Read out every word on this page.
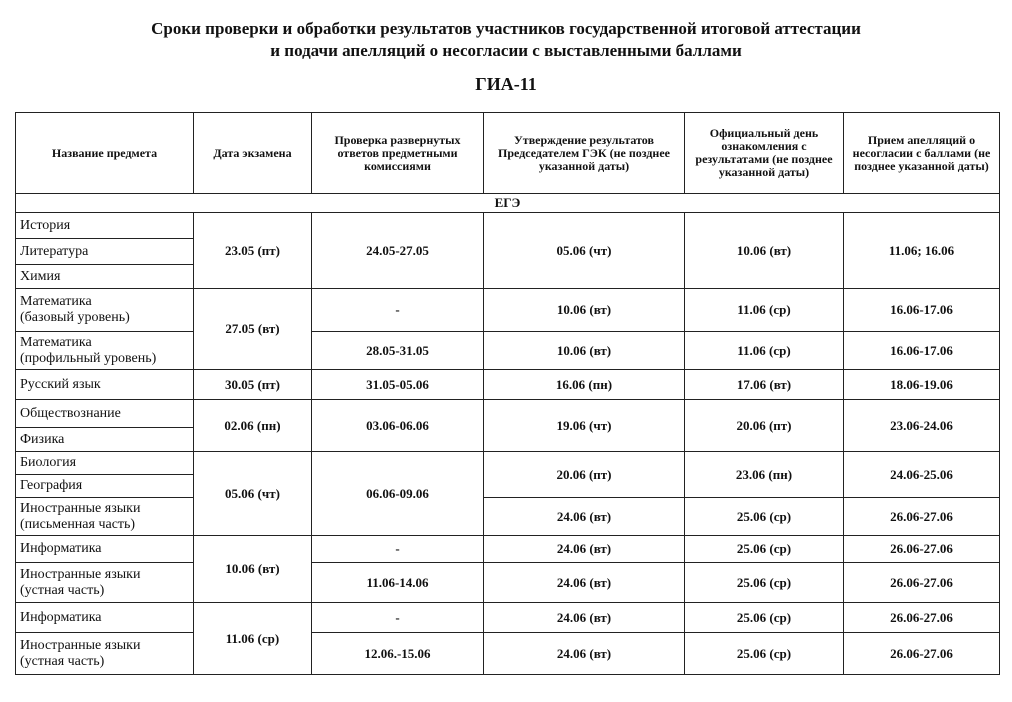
Сроки проверки и обработки результатов участников государственной итоговой аттестации
и подачи апелляций о несогласии с выставленными баллами
ГИА-11
Название предмета	Дата экзамена	Проверка развернутых ответов предметными комиссиями	Утверждение результатов Председателем ГЭК (не позднее указанной даты)	Официальный день ознакомления с результатами (не позднее указанной даты)	Прием апелляций о несогласии с баллами (не позднее указанной даты)
ЕГЭ					
История	23.05 (пт)	24.05-27.05	05.06 (чт)	10.06 (вт)	11.06; 16.06
Литература					
Химия					
Математика
(базовый уровень)	27.05 (вт)	-	10.06 (вт)	11.06 (ср)	16.06-17.06
Математика
(профильный уровень)		28.05-31.05	10.06 (вт)	11.06 (ср)	16.06-17.06
Русский язык	30.05 (пт)	31.05-05.06	16.06 (пн)	17.06 (вт)	18.06-19.06
Обществознание	02.06 (пн)	03.06-06.06	19.06 (чт)	20.06 (пт)	23.06-24.06
Физика					
Биология	05.06 (чт)	06.06-09.06	20.06 (пт)	23.06 (пн)	24.06-25.06
География					
Иностранные языки
(письменная часть)			24.06 (вт)	25.06 (ср)	26.06-27.06
Информатика	10.06 (вт)	-	24.06 (вт)	25.06 (ср)	26.06-27.06
Иностранные языки
(устная часть)		11.06-14.06	24.06 (вт)	25.06 (ср)	26.06-27.06
Информатика	11.06 (ср)	-	24.06 (вт)	25.06 (ср)	26.06-27.06
Иностранные языки
(устная часть)		12.06.-15.06	24.06 (вт)	25.06 (ср)	26.06-27.06
